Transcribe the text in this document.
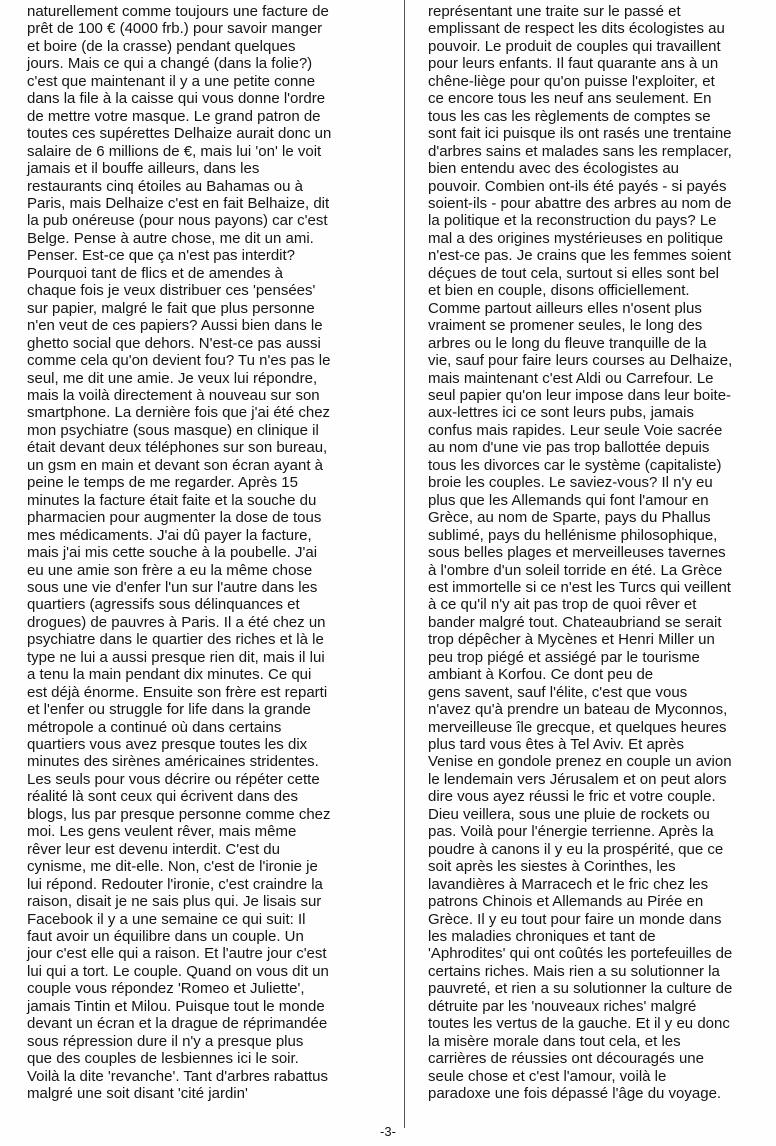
naturellement comme toujours une facture de
prêt de 100 € (4000 frb.) pour savoir manger
et boire (de la crasse) pendant quelques
jours. Mais ce qui a changé (dans la folie?)
c'est que maintenant il y a une petite conne
dans la file à la caisse qui vous donne l'ordre
de mettre votre masque. Le grand patron de
toutes ces supérettes Delhaize aurait donc un
salaire de 6 millions de €, mais lui 'on' le voit
jamais et il bouffe ailleurs, dans les
restaurants cinq étoiles au Bahamas ou à
Paris, mais Delhaize c'est en fait Belhaize, dit
la pub onéreuse (pour nous payons) car c'est
Belge. Pense à autre chose, me dit un ami.
Penser. Est-ce que ça n'est pas interdit?
Pourquoi tant de flics et de amendes à
chaque fois je veux distribuer ces 'pensées'
sur papier, malgré le fait que plus personne
n'en veut de ces papiers? Aussi bien dans le
ghetto social que dehors. N'est-ce pas aussi
comme cela qu'on devient fou? Tu n'es pas le
seul, me dit une amie. Je veux lui répondre,
mais la voilà directement à nouveau sur son
smartphone. La dernière fois que j'ai été chez
mon psychiatre (sous masque) en clinique il
était devant deux téléphones sur son bureau,
un gsm en main et devant son écran ayant à
peine le temps de me regarder. Après 15
minutes la facture était faite et la souche du
pharmacien pour augmenter la dose de tous
mes médicaments. J'ai dû payer la facture,
mais j'ai mis cette souche à la poubelle. J'ai
eu une amie son frère a eu la même chose
sous une vie d'enfer l'un sur l'autre dans les
quartiers (agressifs sous délinquances et
drogues) de pauvres à Paris. Il a été chez un
psychiatre dans le quartier des riches et là le
type ne lui a aussi presque rien dit, mais il lui
a tenu la main pendant dix minutes. Ce qui
est déjà énorme. Ensuite son frère est reparti
et l'enfer ou struggle for life dans la grande
métropole a continué où dans certains
quartiers vous avez presque toutes les dix
minutes des sirènes américaines stridentes.
Les seuls pour vous décrire ou répéter cette
réalité là sont ceux qui écrivent dans des
blogs, lus par presque personne comme chez
moi. Les gens veulent rêver, mais même
rêver leur est devenu interdit. C'est du
cynisme, me dit-elle. Non, c'est de l'ironie je
lui répond. Redouter l'ironie, c'est craindre la
raison, disait je ne sais plus qui. Je lisais sur
Facebook il y a une semaine ce qui suit: Il
faut avoir un équilibre dans un couple. Un
jour c'est elle qui a raison. Et l'autre jour c'est
lui qui a tort. Le couple. Quand on vous dit un
couple vous répondez 'Romeo et Juliette',
jamais Tintin et Milou. Puisque tout le monde
devant un écran et la drague de réprimandée
sous répression dure il n'y a presque plus
que des couples de lesbiennes ici le soir.
Voilà la dite 'revanche'. Tant d'arbres rabattus
malgré une soit disant 'cité jardin'
représentant une traite sur le passé et
emplissant de respect les dits écologistes au
pouvoir. Le produit de couples qui travaillent
pour leurs enfants. Il faut quarante ans à un
chêne-liège pour qu'on puisse l'exploiter, et
ce encore tous les neuf ans seulement. En
tous les cas les règlements de comptes se
sont fait ici puisque ils ont rasés une trentaine
d'arbres sains et malades sans les remplacer,
bien entendu avec des écologistes au
pouvoir. Combien ont-ils été payés - si payés
soient-ils - pour abattre des arbres au nom de
la politique et la reconstruction du pays? Le
mal a des origines mystérieuses en politique
n'est-ce pas. Je crains que les femmes soient
déçues de tout cela, surtout si elles sont bel
et bien en couple, disons officiellement.
Comme partout ailleurs elles n'osent plus
vraiment se promener seules, le long des
arbres ou le long du fleuve tranquille de la
vie, sauf pour faire leurs courses au Delhaize,
mais maintenant c'est Aldi ou Carrefour. Le
seul papier qu'on leur impose dans leur boite-
aux-lettres ici ce sont leurs pubs, jamais
confus mais rapides. Leur seule Voie sacrée
au nom d'une vie pas trop ballottée depuis
tous les divorces car le système (capitaliste)
broie les couples. Le saviez-vous? Il n'y eu
plus que les Allemands qui font l'amour en
Grèce, au nom de Sparte, pays du Phallus
sublimé, pays du hellénisme philosophique,
sous belles plages et merveilleuses tavernes
à l'ombre d'un soleil torride en été. La Grèce
est immortelle si ce n'est les Turcs qui veillent
à ce qu'il n'y ait pas trop de quoi rêver et
bander malgré tout. Chateaubriand se serait
trop dépêcher à Mycènes et Henri Miller un
peu trop piégé et assiégé par le tourisme
ambiant à Korfou. Ce dont peu de
gens savent, sauf l'élite, c'est que vous
n'avez qu'à prendre un bateau de Myconnos,
merveilleuse île grecque, et quelques heures
plus tard vous êtes à Tel Aviv. Et après
Venise en gondole prenez en couple un avion
le lendemain vers Jérusalem et on peut alors
dire vous ayez réussi le fric et votre couple.
Dieu veillera, sous une pluie de rockets ou
pas. Voilà pour l'énergie terrienne. Après la
poudre à canons il y eu la prospérité, que ce
soit après les siestes à Corinthes, les
lavandières à Marracech et le fric chez les
patrons Chinois et Allemands au Pirée en
Grèce. Il y eu tout pour faire un monde dans
les maladies chroniques et tant de
'Aphrodites' qui ont coûtés les portefeuilles de
certains riches. Mais rien a su solutionner la
pauvreté, et rien a su solutionner la culture de
détruite par les 'nouveaux riches' malgré
toutes les vertus de la gauche. Et il y eu donc
la misère morale dans tout cela, et les
carrières de réussies ont découragés une
seule chose et c'est l'amour, voilà le
paradoxe une fois dépassé l'âge du voyage.
-3-
